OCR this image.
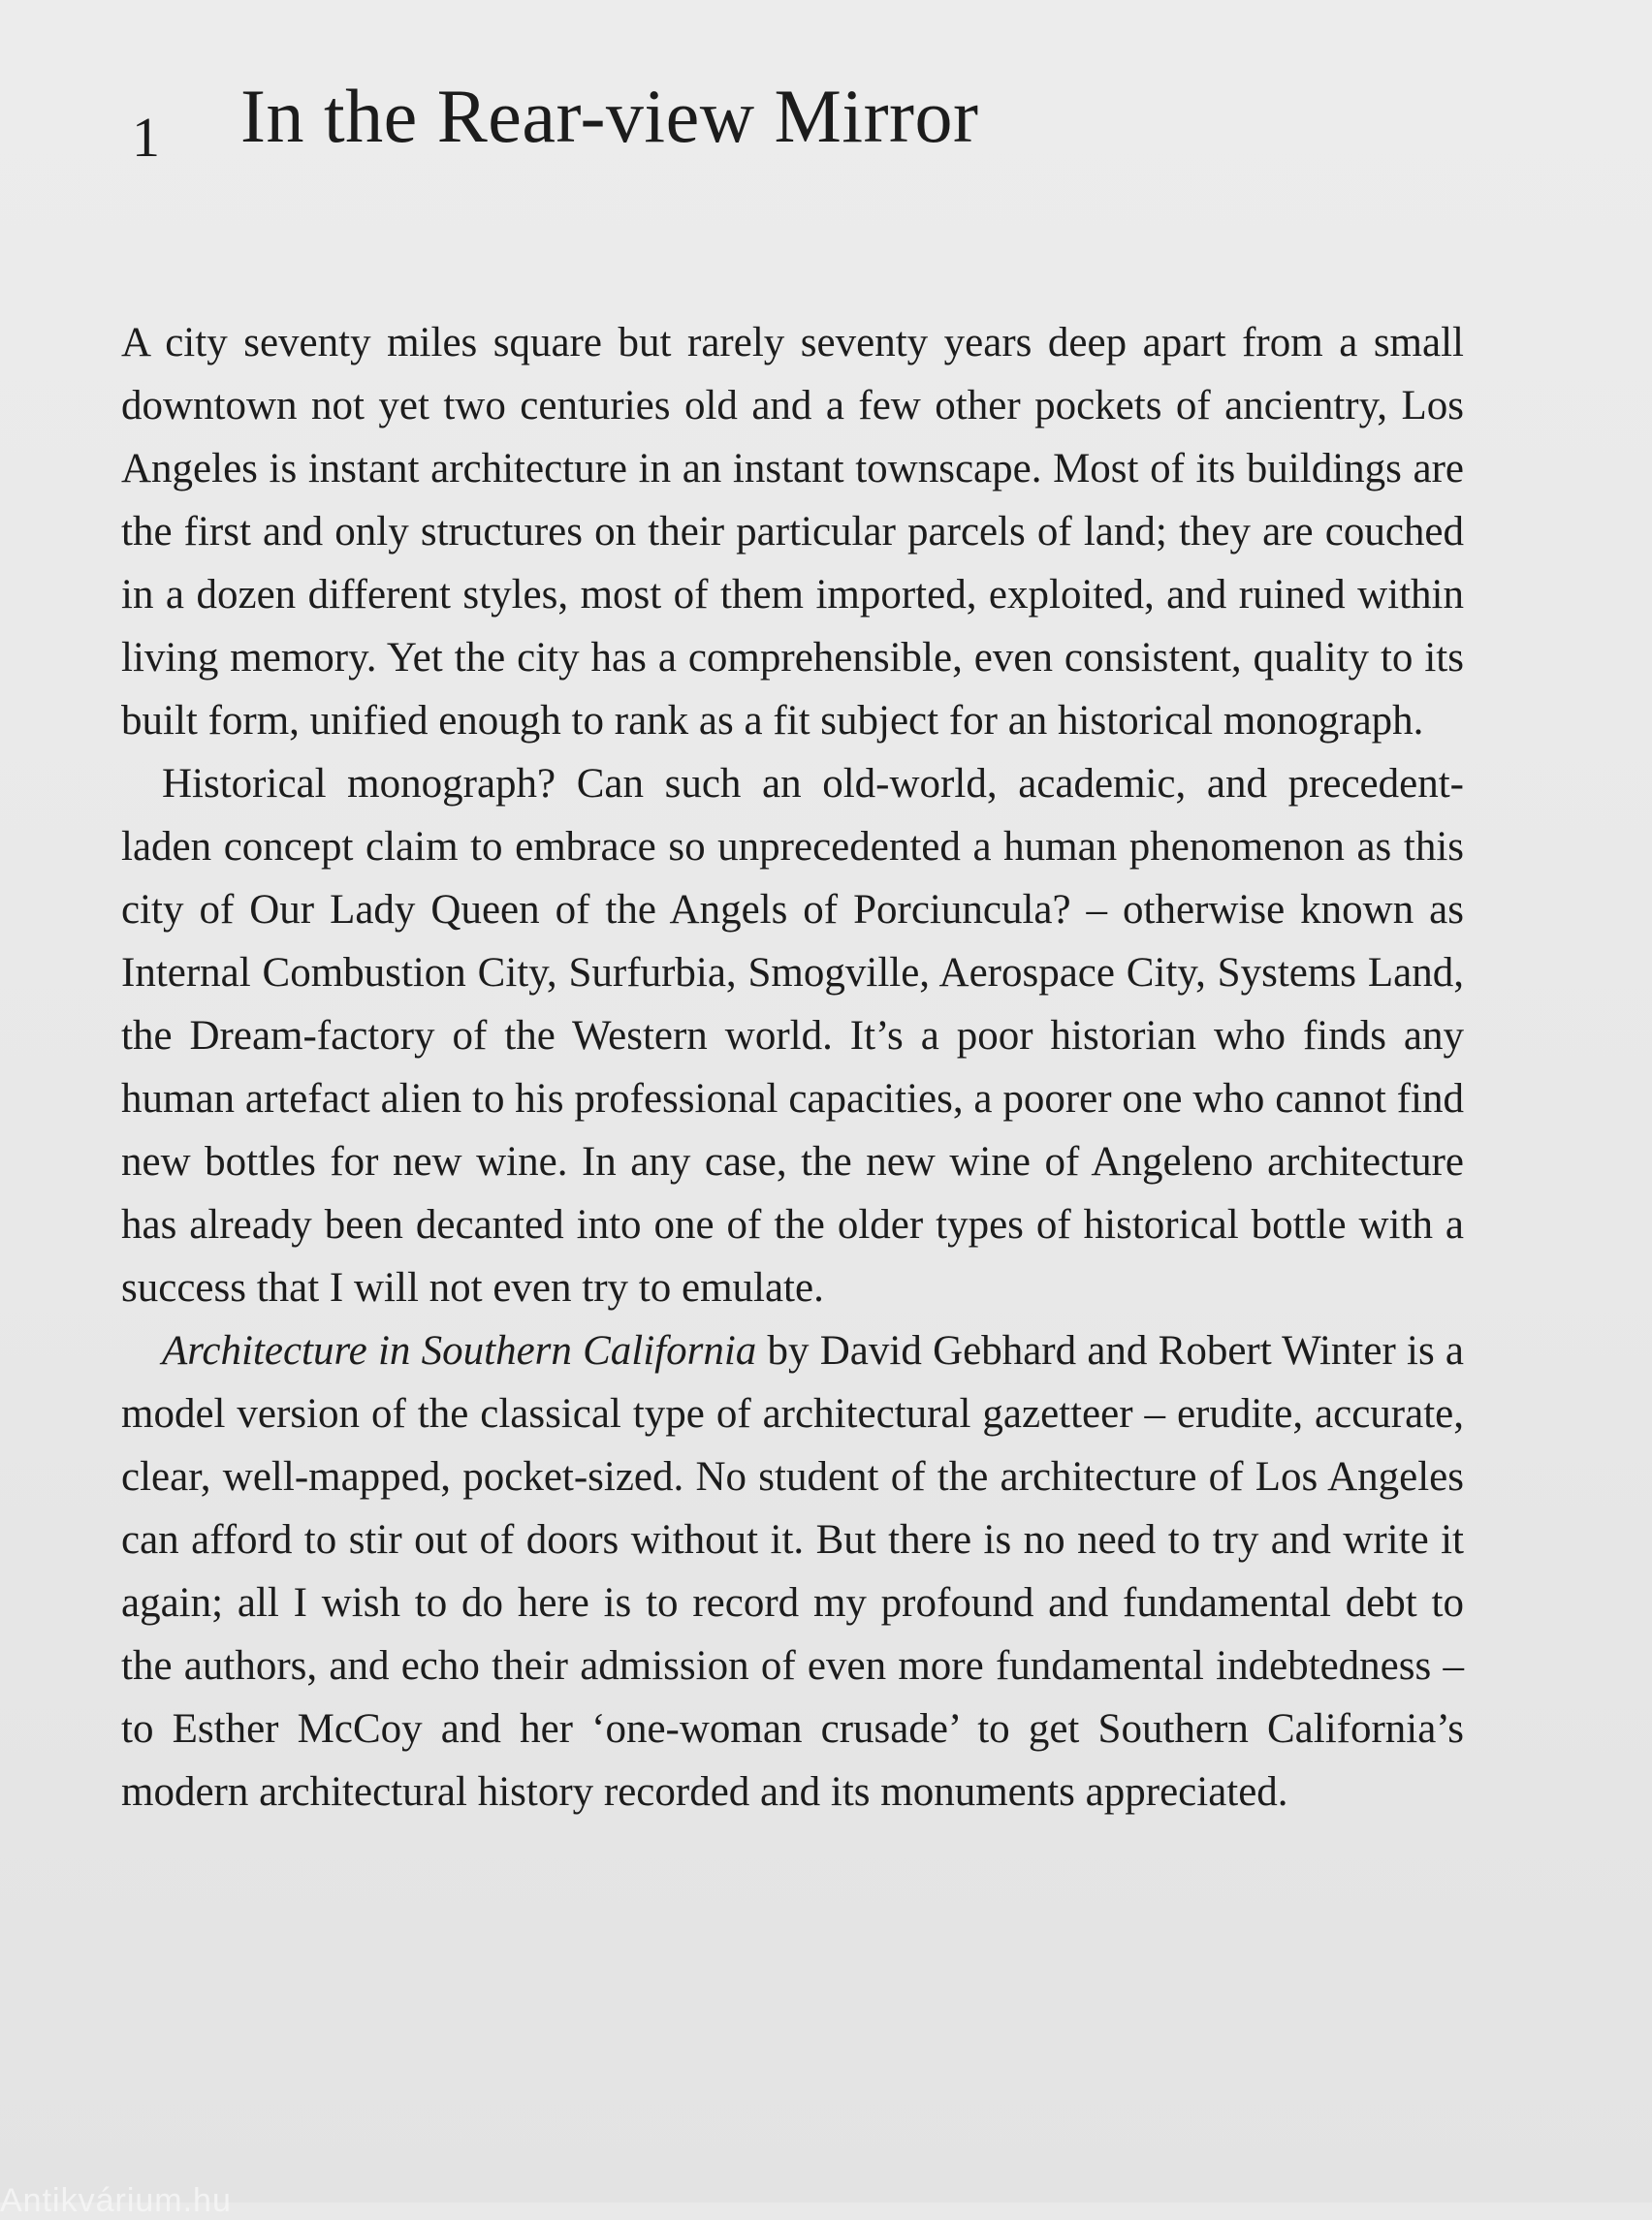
1 In the Rear-view Mirror

A city seventy miles square but rarely seventy years deep apart from a small downtown not yet two centuries old and a few other pockets of ancientry, Los Angeles is instant architecture in an instant townscape. Most of its buildings are the first and only structures on their particular parcels of land; they are couched in a dozen different styles, most of them imported, exploited, and ruined within living memory. Yet the city has a comprehensible, even consistent, quality to its built form, unified enough to rank as a fit subject for an historical monograph.

Historical monograph? Can such an old-world, academic, and precedent-laden concept claim to embrace so unprecedented a human phenomenon as this city of Our Lady Queen of the Angels of Porciuncula? – otherwise known as Internal Combustion City, Surfurbia, Smogville, Aerospace City, Systems Land, the Dream-factory of the Western world. It’s a poor historian who finds any human artefact alien to his professional capacities, a poorer one who cannot find new bottles for new wine. In any case, the new wine of Angeleno architecture has already been decanted into one of the older types of historical bottle with a success that I will not even try to emulate.

Architecture in Southern California by David Gebhard and Robert Winter is a model version of the classical type of architectural gazetteer – erudite, accurate, clear, well-mapped, pocket-sized. No student of the architecture of Los Angeles can afford to stir out of doors without it. But there is no need to try and write it again; all I wish to do here is to record my profound and fundamental debt to the authors, and echo their admission of even more fundamental indebtedness – to Esther McCoy and her ‘one-woman crusade’ to get Southern California’s modern architectural history recorded and its monuments appreciated.

Antikvárium.hu
